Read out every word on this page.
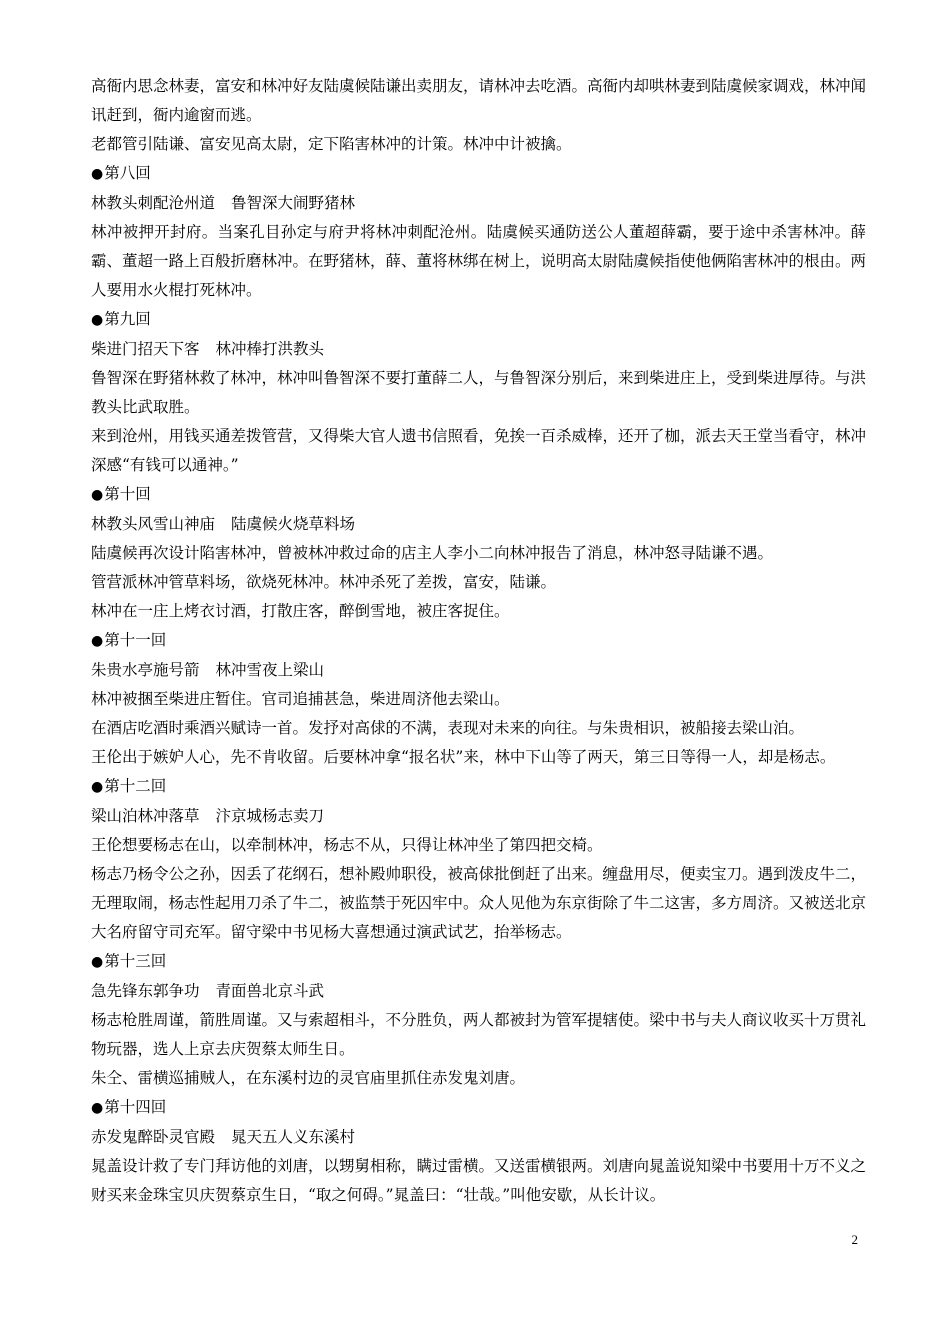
高衙内思念林妻，富安和林冲好友陆虞候陆谦出卖朋友，请林冲去吃酒。高衙内却哄林妻到陆虞候家调戏，林冲闻讯赶到，衙内逾窗而逃。
老都管引陆谦、富安见高太尉，定下陷害林冲的计策。林冲中计被擒。
●第八回
林教头刺配沧州道 鲁智深大闹野猪林
林冲被押开封府。当案孔目孙定与府尹将林冲刺配沧州。陆虞候买通防送公人董超薛霸，要于途中杀害林冲。薛霸、董超一路上百般折磨林冲。在野猪林，薛、董将林绑在树上，说明高太尉陆虞候指使他俩陷害林冲的根由。两人要用水火棍打死林冲。
●第九回
柴进门招天下客 林冲棒打洪教头
鲁智深在野猪林救了林冲，林冲叫鲁智深不要打董薛二人，与鲁智深分别后，来到柴进庄上，受到柴进厚待。与洪教头比武取胜。
来到沧州，用钱买通差拨管营，又得柴大官人遗书信照看，免挨一百杀威棒，还开了枷，派去天王堂当看守，林冲深感“有钱可以通神。”
●第十回
林教头风雪山神庙 陆虞候火烧草料场
陆虞候再次设计陷害林冲，曾被林冲救过命的店主人李小二向林冲报告了消息，林冲怒寻陆谦不遇。
管营派林冲管草料场，欲烧死林冲。林冲杀死了差拨，富安，陆谦。
林冲在一庄上烤衣讨酒，打散庄客，醉倒雪地，被庄客捉住。
●第十一回
朱贵水亭施号箭 林冲雪夜上梁山
林冲被捆至柴进庄暂住。官司追捕甚急，柴进周济他去梁山。
在酒店吃酒时乘酒兴赋诗一首。发抒对高俅的不满，表现对未来的向往。与朱贵相识，被船接去梁山泊。
王伦出于嫉妒人心，先不肯收留。后要林冲拿“报名状”来，林中下山等了两天，第三日等得一人，却是杨志。
●第十二回
梁山泊林冲落草 汴京城杨志卖刀
王伦想要杨志在山，以牵制林冲，杨志不从，只得让林冲坐了第四把交椅。
杨志乃杨令公之孙，因丢了花纲石，想补殿帅职役，被高俅批倒赶了出来。缠盘用尽，便卖宝刀。遇到泼皮牛二，无理取闹，杨志性起用刀杀了牛二，被监禁于死囚牢中。众人见他为东京街除了牛二这害，多方周济。又被送北京大名府留守司充军。留守梁中书见杨大喜想通过演武试艺，抬举杨志。
●第十三回
急先锋东郭争功 青面兽北京斗武
杨志枪胜周谨，箭胜周谨。又与索超相斗，不分胜负，两人都被封为管军提辖使。梁中书与夫人商议收买十万贯礼物玩器，选人上京去庆贺蔡太师生日。
朱仝、雷横巡捕贼人，在东溪村边的灵官庙里抓住赤发鬼刘唐。
●第十四回
赤发鬼醉卧灵官殿 晁天五人义东溪村
晁盖设计救了专门拜访他的刘唐，以甥舅相称，瞒过雷横。又送雷横银两。刘唐向晁盖说知梁中书要用十万不义之财买来金珠宝贝庆贺蔡京生日，“取之何碍。”晁盖曰：“壮哉。”叫他安歇，从长计议。
2
